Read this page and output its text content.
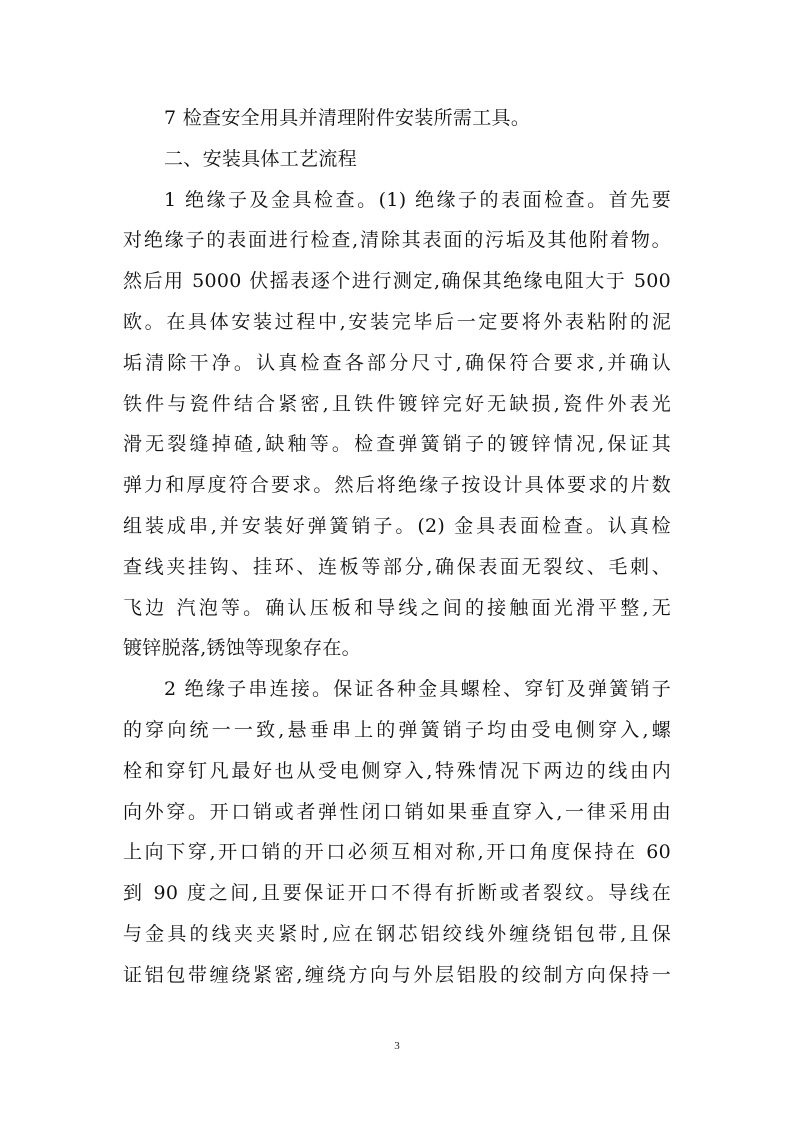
7 检查安全用具并清理附件安装所需工具。
二、安装具体工艺流程
1 绝缘子及金具检查。(1) 绝缘子的表面检查。首先要
对绝缘子的表面进行检查,清除其表面的污垢及其他附着物。
然后用 5000 伏摇表逐个进行测定,确保其绝缘电阻大于 500
欧。在具体安装过程中,安装完毕后一定要将外表粘附的泥
垢清除干净。认真检查各部分尺寸,确保符合要求,并确认
铁件与瓷件结合紧密,且铁件镀锌完好无缺损,瓷件外表光
滑无裂缝掉碴,缺釉等。检查弹簧销子的镀锌情况,保证其
弹力和厚度符合要求。然后将绝缘子按设计具体要求的片数
组装成串,并安装好弹簧销子。(2) 金具表面检查。认真检
查线夹挂钩、挂环、连板等部分,确保表面无裂纹、毛刺、
飞边 汽泡等。确认压板和导线之间的接触面光滑平整,无
镀锌脱落,锈蚀等现象存在。
2 绝缘子串连接。保证各种金具螺栓、穿钉及弹簧销子
的穿向统一一致,悬垂串上的弹簧销子均由受电侧穿入,螺
栓和穿钉凡最好也从受电侧穿入,特殊情况下两边的线由内
向外穿。开口销或者弹性闭口销如果垂直穿入,一律采用由
上向下穿,开口销的开口必须互相对称,开口角度保持在 60
到 90 度之间,且要保证开口不得有折断或者裂纹。导线在
与金具的线夹夹紧时,应在钢芯铝绞线外缠绕铝包带,且保
证铝包带缠绕紧密,缠绕方向与外层铝股的绞制方向保持一
3
